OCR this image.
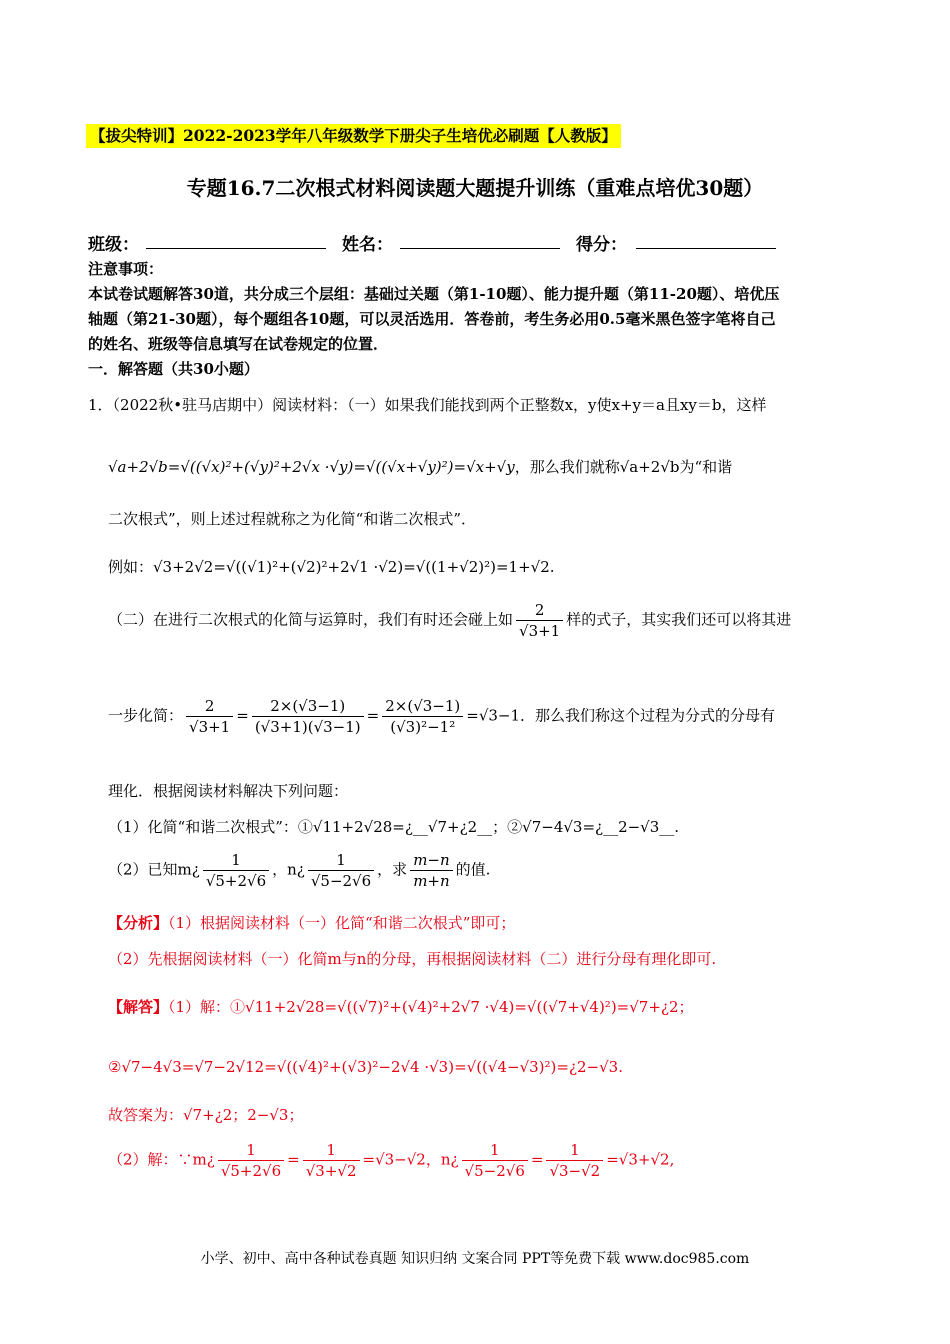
【拔尖特训】2022-2023学年八年级数学下册尖子生培优必刷题【人教版】
专题16.7二次根式材料阅读题大题提升训练（重难点培优30题）
班级：	姓名：	得分：
注意事项：
本试卷试题解答30道，共分成三个层组：基础过关题（第1-10题）、能力提升题（第11-20题）、培优压
轴题（第21-30题），每个题组各10题，可以灵活选用．答卷前，考生务必用0.5毫米黑色签字笔将自己
的姓名、班级等信息填写在试卷规定的位置．
一．解答题（共30小题）
1．（2022秋•驻马店期中）阅读材料：（一）如果我们能找到两个正整数x，y使x+y＝a且xy＝b，这样
√a+2√b=√((√x)²+(√y)²+2√x ·√y)=√((√x+√y)²)=√x+√y，那么我们就称√a+2√b为“和谐
二次根式”，则上述过程就称之为化简“和谐二次根式”．
例如：√3+2√2=√((√1)²+(√2)²+2√1 ·√2)=√((1+√2)²)=1+√2.
（二）在进行二次根式的化简与运算时，我们有时还会碰上如 $\frac{2}{√3+1}$ 样的式子，其实我们还可以将其进
一步化简： $\frac{2}{√3+1} = \frac{2\times(√3-1)}{(√3+1)(√3-1)} = \frac{2\times(√3-1)}{\text{(√3)²−1²}} =√3-1$．那么我们称这个过程为分式的分母有
理化．根据阅读材料解决下列问题：
（1）化简“和谐二次根式”：①√11+2√28=¿__√7+¿2__；②√7−4√3=¿__2−√3__.
（2）已知m¿ $\frac{1}{√5+2√6}$ ，n¿ $\frac{1}{√5-2√6}$ ，求 $\frac{m-n}{m+n}$ 的值.
【分析】（1）根据阅读材料（一）化简“和谐二次根式”即可；
（2）先根据阅读材料（一）化简m与n的分母，再根据阅读材料（二）进行分母有理化即可.
【解答】（1）解：①√11+2√28=√((√7)²+(√4)²+2√7 ·√4)=√((√7+√4)²)=√7+¿2；
②√7−4√3=√7−2√12=√((√4)²+(√3)²−2√4 ·√3)=√((√4−√3)²)=¿2−√3.
故答案为：√7+¿2；2−√3；
（2）解：∵m¿ $\frac{1}{√5+2√6} = \frac{1}{√3+√2} =√3-√2$，n¿ $\frac{1}{√5-2√6} = \frac{1}{√3-√2} =√3+√2$,
小学、初中、高中各种试卷真题 知识归纳 文案合同 PPT等免费下载 www.doc985.com
